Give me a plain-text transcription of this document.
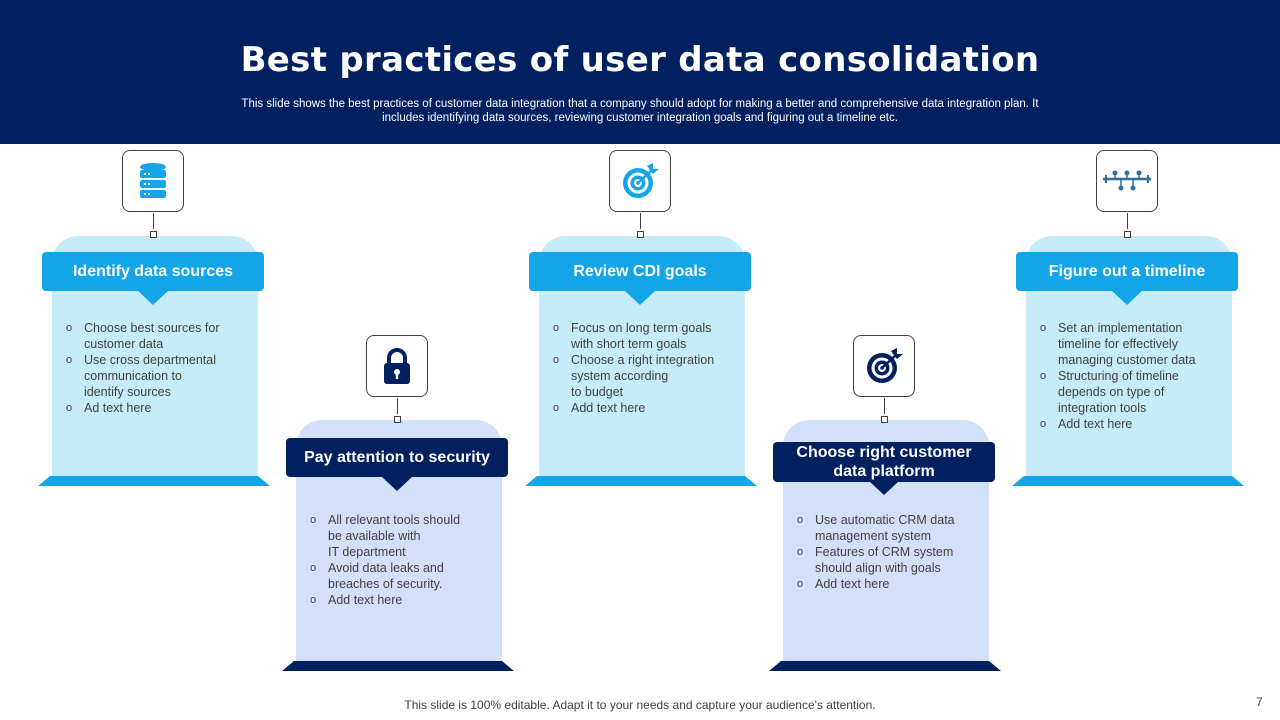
Best practices of user data consolidation
This slide shows the best practices of customer data integration that a company should adopt for making a better and comprehensive data integration plan. It includes identifying data sources, reviewing customer integration goals and figuring out a timeline etc.
Identify data sources
o Choose best sources for
customer data
o Use cross departmental
communication to
identify sources
o Ad text here
Pay attention to security
o All relevant tools should
be available with
IT department
o Avoid data leaks and
breaches of security.
o Add text here
Review CDI goals
o Focus on long term goals
with short term goals
o Choose a right integration
system according
to budget
o Add text here
Choose right customer data platform
o Use automatic CRM data
management system
o Features of CRM system
should align with goals
o Add text here
Figure out a timeline
o Set an implementation
timeline for effectively
managing customer data
o Structuring of timeline
depends on type of
integration tools
o Add text here
This slide is 100% editable. Adapt it to your needs and capture your audience's attention.	7
